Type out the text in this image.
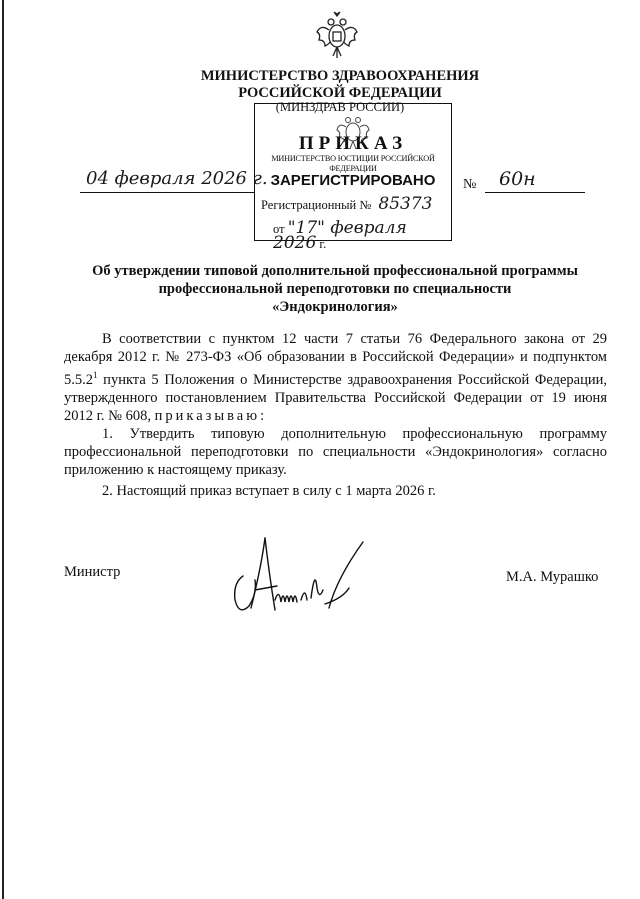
МИНИСТЕРСТВО ЗДРАВООХРАНЕНИЯ
РОССИЙСКОЙ ФЕДЕРАЦИИ
(МИНЗДРАВ РОССИИ)
ПРИКАЗ
МИНИСТЕРСТВО ЮСТИЦИИ РОССИЙСКОЙ ФЕДЕРАЦИИ
ЗАРЕГИСТРИРОВАНО
Регистрационный № 85373
от "17" февраля 2026 г.
04 февраля 2026 г.	№ 60н
Об утверждении типовой дополнительной профессиональной программы
профессиональной переподготовки по специальности
«Эндокринология»

В соответствии с пунктом 12 части 7 статьи 76 Федерального закона от 29 декабря 2012 г. № 273-ФЗ «Об образовании в Российской Федерации» и подпунктом 5.5.2$^1$ пункта 5 Положения о Министерстве здравоохранения Российской Федерации, утвержденного постановлением Правительства Российской Федерации от 19 июня 2012 г. № 608, приказываю:

1. Утвердить типовую дополнительную профессиональную программу профессиональной переподготовки по специальности «Эндокринология» согласно приложению к настоящему приказу.

2. Настоящий приказ вступает в силу с 1 марта 2026 г.

Министр	М.А. Мурашко
